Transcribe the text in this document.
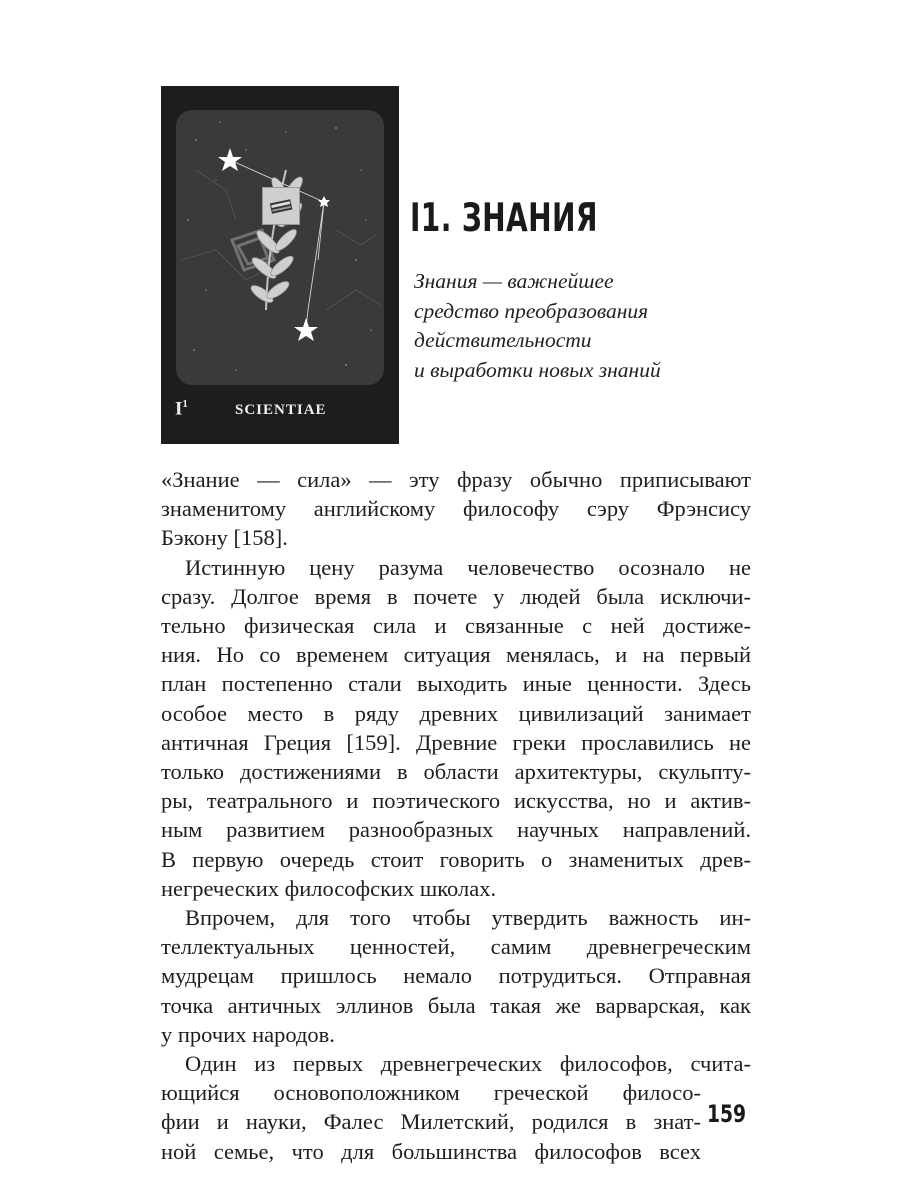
$I^1$	SCIENTIAE
I1. ЗНАНИЯ
Знания — важнейшее
средство преобразования
действительности
и выработки новых знаний
«Знание — сила» — эту фразу обычно приписывают
знаменитому английскому философу сэру Фрэнсису
Бэкону [158].
Истинную цену разума человечество осознало не
сразу. Долгое время в почете у людей была исключи-
тельно физическая сила и связанные с ней достиже-
ния. Но со временем ситуация менялась, и на первый
план постепенно стали выходить иные ценности. Здесь
особое место в ряду древних цивилизаций занимает
античная Греция [159]. Древние греки прославились не
только достижениями в области архитектуры, скульпту-
ры, театрального и поэтического искусства, но и актив-
ным развитием разнообразных научных направлений.
В первую очередь стоит говорить о знаменитых древ-
негреческих философских школах.
Впрочем, для того чтобы утвердить важность ин-
теллектуальных ценностей, самим древнегреческим
мудрецам пришлось немало потрудиться. Отправная
точка античных эллинов была такая же варварская, как
у прочих народов.
Один из первых древнегреческих философов, счита-
ющийся основоположником греческой филосо-
фии и науки, Фалес Милетский, родился в знат-
ной семье, что для большинства философов всех
159
